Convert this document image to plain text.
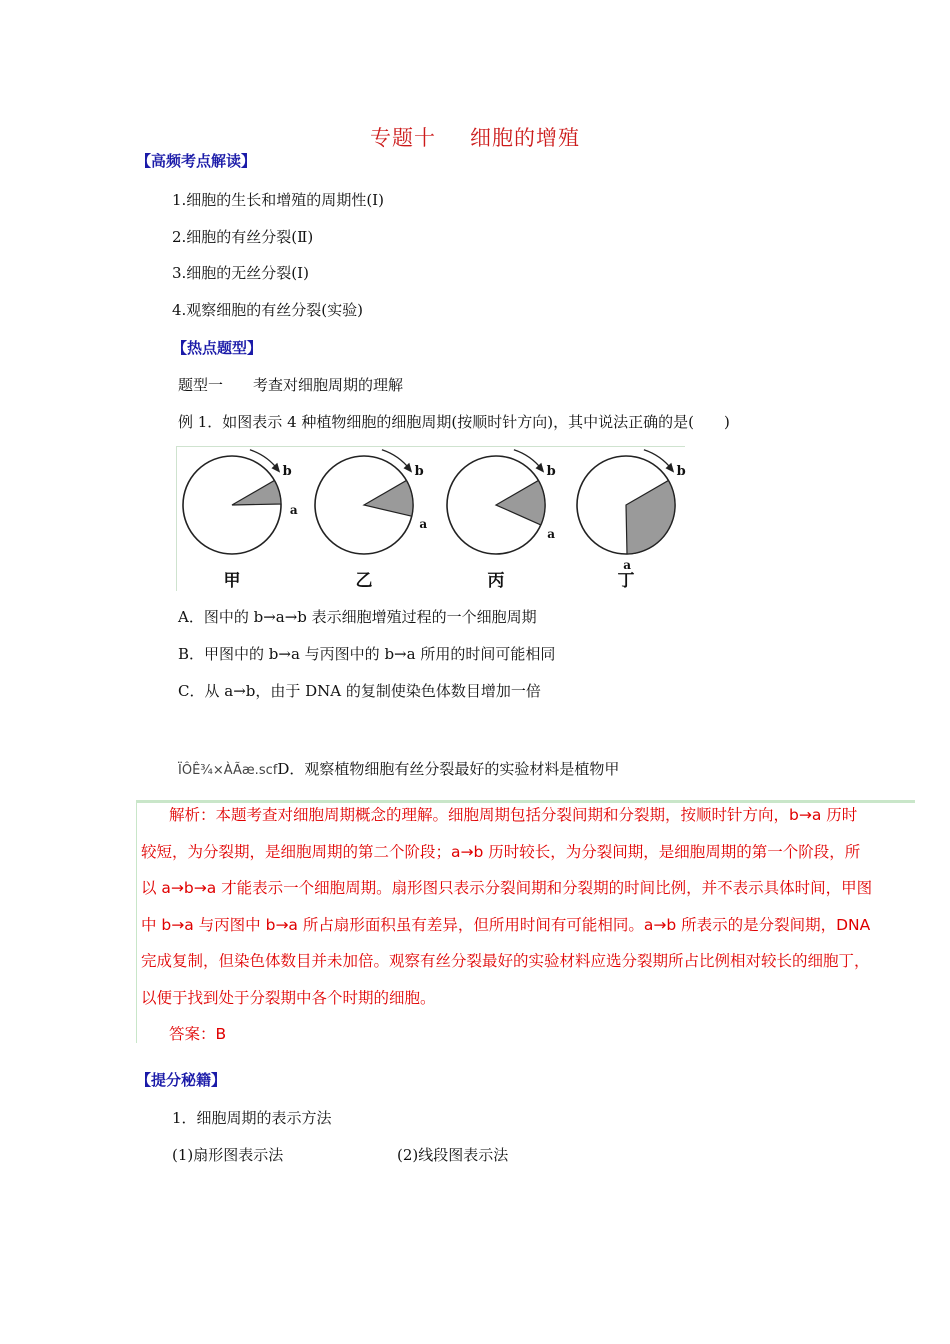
专题十 细胞的增殖
【高频考点解读】
1.细胞的生长和增殖的周期性(Ⅰ)
2.细胞的有丝分裂(Ⅱ)
3.细胞的无丝分裂(Ⅰ)
4.观察细胞的有丝分裂(实验)
【热点题型】
题型一 考查对细胞周期的理解
例 1．如图表示 4 种植物细胞的细胞周期(按顺时针方向)，其中说法正确的是(　　)
b
a
甲
b
a
乙
b
a
丙
b
a
丁
A．图中的 b→a→b 表示细胞增殖过程的一个细胞周期
B．甲图中的 b→a 与丙图中的 b→a 所用的时间可能相同
C．从 a→b，由于 DNA 的复制使染色体数目增加一倍
ÏÔÊ¾×ÀÃæ.scfD．观察植物细胞有丝分裂最好的实验材料是植物甲
解析：本题考查对细胞周期概念的理解。细胞周期包括分裂间期和分裂期，按顺时针方向，b→a 历时
较短，为分裂期，是细胞周期的第二个阶段；a→b 历时较长，为分裂间期，是细胞周期的第一个阶段，所
以 a→b→a 才能表示一个细胞周期。扇形图只表示分裂间期和分裂期的时间比例，并不表示具体时间，甲图
中 b→a 与丙图中 b→a 所占扇形面积虽有差异，但所用时间有可能相同。a→b 所表示的是分裂间期，DNA
完成复制，但染色体数目并未加倍。观察有丝分裂最好的实验材料应选分裂期所占比例相对较长的细胞丁，
以便于找到处于分裂期中各个时期的细胞。
答案：B
【提分秘籍】
1．细胞周期的表示方法
(1)扇形图表示法	(2)线段图表示法
